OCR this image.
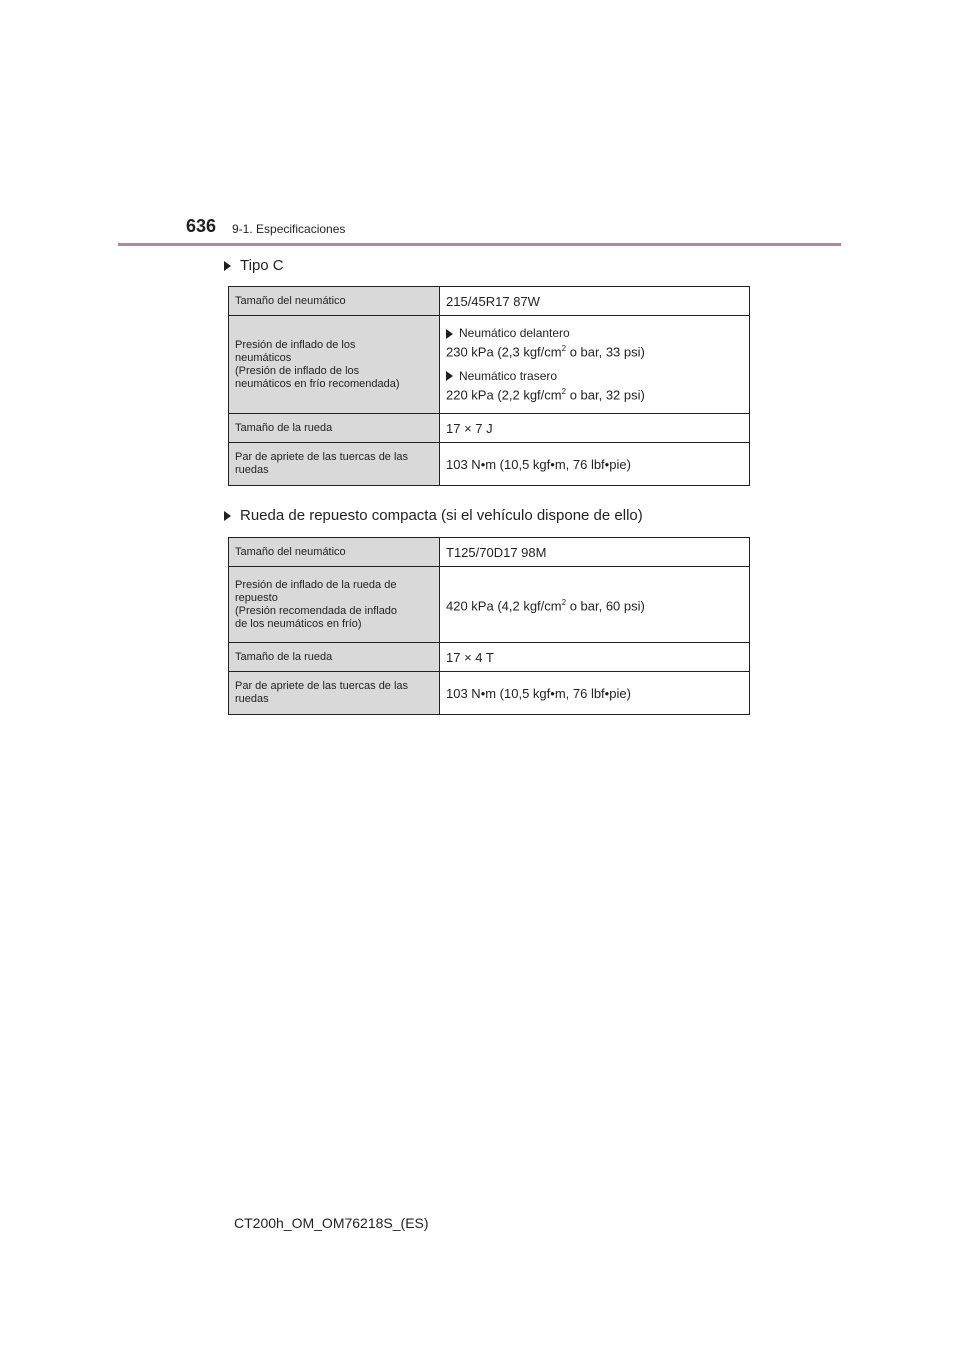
636 9-1. Especificaciones
Tipo C
Tamaño del neumático	215/45R17 87W

Presión de inflado de los
neumáticos
(Presión de inflado de los
neumáticos en frío recomendada)	Neumático delantero
230 kPa (2,3 kgf/$cm^2$ o bar, 33 psi)
Neumático trasero
220 kPa (2,2 kgf/$cm^2$ o bar, 32 psi)

Tamaño de la rueda	17 × 7 J

Par de apriete de las tuercas de las
ruedas	103 N•m (10,5 kgf•m, 76 lbf•pie)
Rueda de repuesto compacta (si el vehículo dispone de ello)
Tamaño del neumático	T125/70D17 98M

Presión de inflado de la rueda de
repuesto
(Presión recomendada de inflado
de los neumáticos en frío)	420 kPa (4,2 kgf/$cm^2$ o bar, 60 psi)

Tamaño de la rueda	17 × 4 T

Par de apriete de las tuercas de las
ruedas	103 N•m (10,5 kgf•m, 76 lbf•pie)
CT200h_OM_OM76218S_(ES)
